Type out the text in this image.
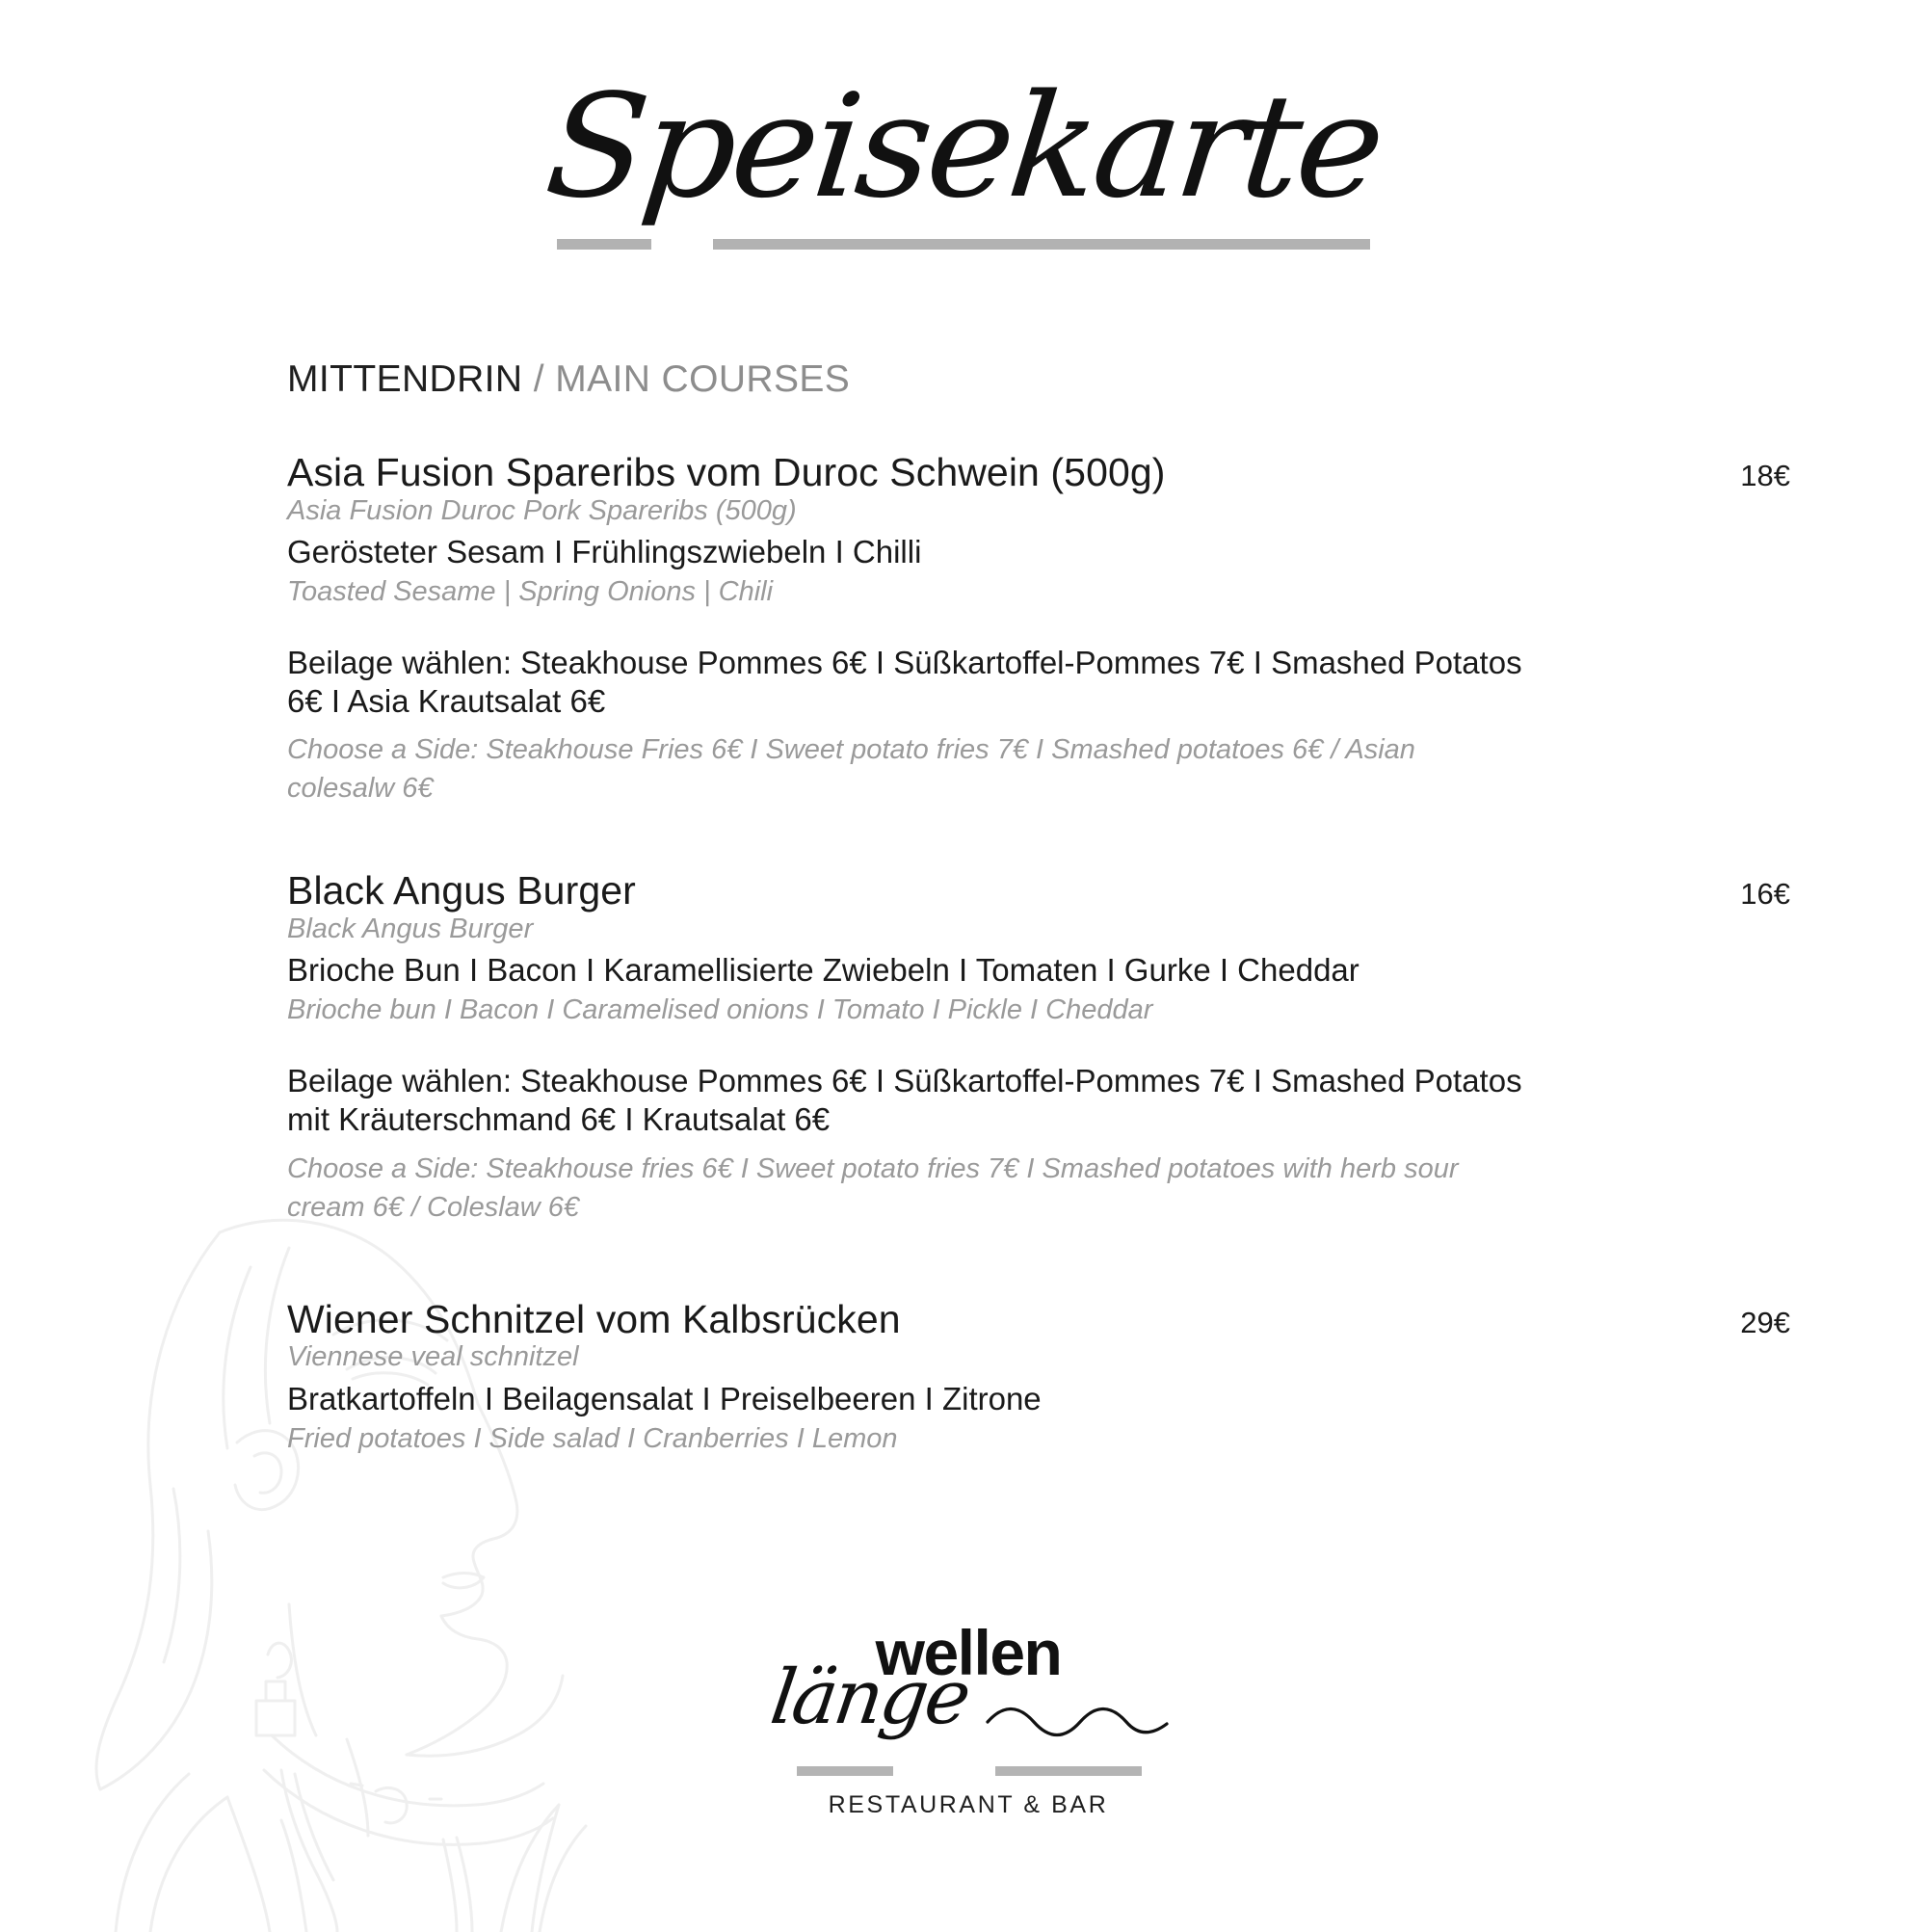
Speisekarte
MITTENDRIN / MAIN COURSES
Asia Fusion Spareribs vom Duroc Schwein (500g)	18€
Asia Fusion Duroc Pork Spareribs (500g)
Gerösteter Sesam I Frühlingszwiebeln I Chilli
Toasted Sesame | Spring Onions | Chili
Beilage wählen: Steakhouse Pommes 6€ I Süßkartoffel-Pommes 7€ I Smashed Potatos 6€ I Asia Krautsalat 6€
Choose a Side: Steakhouse Fries 6€ I Sweet potato fries 7€ I Smashed potatoes 6€ / Asian colesalw 6€
Black Angus Burger	16€
Black Angus Burger
Brioche Bun I Bacon I Karamellisierte Zwiebeln I Tomaten I Gurke I Cheddar
Brioche bun I Bacon I Caramelised onions I Tomato I Pickle I Cheddar
Beilage wählen: Steakhouse Pommes 6€ I Süßkartoffel-Pommes 7€ I Smashed Potatos mit Kräuterschmand 6€ I Krautsalat 6€
Choose a Side: Steakhouse fries 6€ I Sweet potato fries 7€ I Smashed potatoes with herb sour cream 6€ / Coleslaw 6€
Wiener Schnitzel vom Kalbsrücken	29€
Viennese veal schnitzel
Bratkartoffeln I Beilagensalat I Preiselbeeren I Zitrone
Fried potatoes I Side salad I Cranberries I Lemon
wellen
länge
RESTAURANT & BAR
